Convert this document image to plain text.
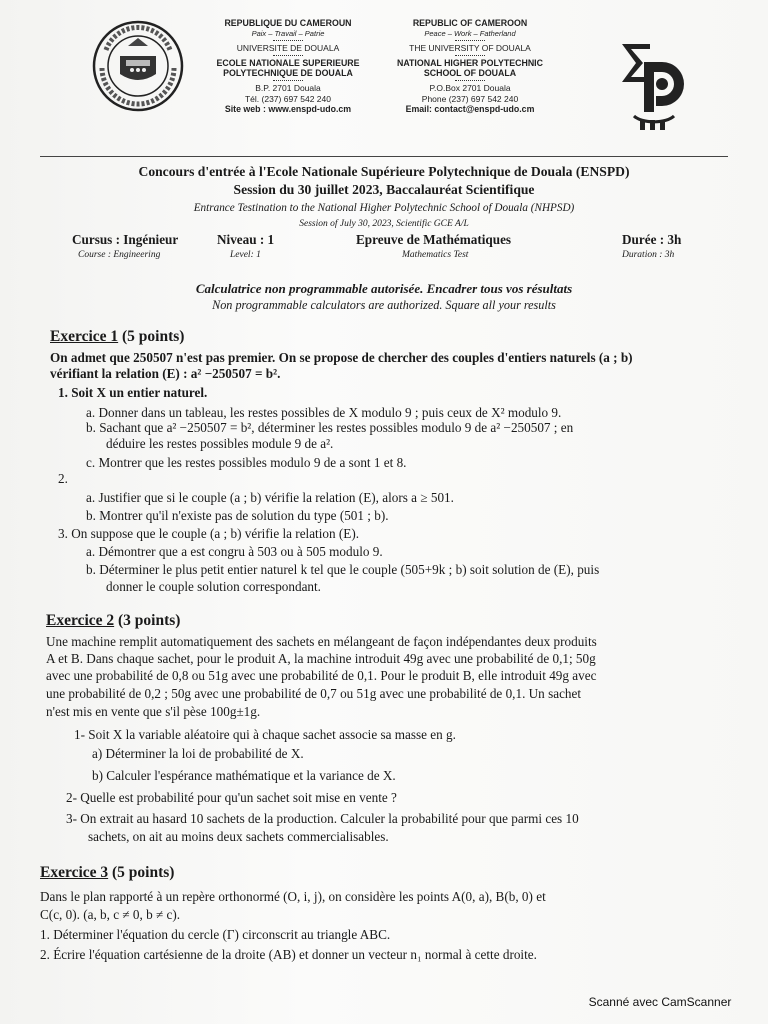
REPUBLIQUE DU CAMEROUN
Paix – Travail – Patrie
UNIVERSITE DE DOUALA
ECOLE NATIONALE SUPERIEURE
POLYTECHNIQUE DE DOUALA
B.P. 2701 Douala
Tél. (237) 697 542 240
Site web : www.enspd-udo.cm
REPUBLIC OF CAMEROON
Peace – Work – Fatherland
THE UNIVERSITY OF DOUALA
NATIONAL HIGHER POLYTECHNIC
SCHOOL OF DOUALA
P.O.Box 2701 Douala
Phone (237) 697 542 240
Email: contact@enspd-udo.cm
Concours d'entrée à l'Ecole Nationale Supérieure Polytechnique de Douala (ENSPD)
Session du 30 juillet 2023, Baccalauréat Scientifique
Entrance Testination to the National Higher Polytechnic School of Douala (NHPSD)
Session of July 30, 2023, Scientific GCE A/L
Cursus : Ingénieur
Course : Engineering
Niveau : 1
Level: 1
Epreuve de Mathématiques
Mathematics Test
Durée : 3h
Duration : 3h
Calculatrice non programmable autorisée. Encadrer tous vos résultats
Non programmable calculators are authorized. Square all your results
Exercice 1 (5 points)
On admet que 250507 n'est pas premier. On se propose de chercher des couples d'entiers naturels (a ; b)
vérifiant la relation (E) : a² −250507 = b².
1. Soit X un entier naturel.
a. Donner dans un tableau, les restes possibles de X modulo 9 ; puis ceux de X² modulo 9.
b. Sachant que a² −250507 = b², déterminer les restes possibles modulo 9 de a² −250507 ; en
déduire les restes possibles module 9 de a².
c. Montrer que les restes possibles modulo 9 de a sont 1 et 8.
2.
a. Justifier que si le couple (a ; b) vérifie la relation (E), alors a ≥ 501.
b. Montrer qu'il n'existe pas de solution du type (501 ; b).
3. On suppose que le couple (a ; b) vérifie la relation (E).
a. Démontrer que a est congru à 503 ou à 505 modulo 9.
b. Déterminer le plus petit entier naturel k tel que le couple (505+9k ; b) soit solution de (E), puis
donner le couple solution correspondant.
Exercice 2 (3 points)
Une machine remplit automatiquement des sachets en mélangeant de façon indépendantes deux produits
A et B. Dans chaque sachet, pour le produit A, la machine introduit 49g avec une probabilité de 0,1; 50g
avec une probabilité de 0,8 ou 51g avec une probabilité de 0,1. Pour le produit B, elle introduit 49g avec
une probabilité de 0,2 ; 50g avec une probabilité de 0,7 ou 51g avec une probabilité de 0,1. Un sachet
n'est mis en vente que s'il pèse 100g±1g.
1- Soit X la variable aléatoire qui à chaque sachet associe sa masse en g.
a) Déterminer la loi de probabilité de X.
b) Calculer l'espérance mathématique et la variance de X.
2- Quelle est probabilité pour qu'un sachet soit mise en vente ?
3- On extrait au hasard 10 sachets de la production. Calculer la probabilité pour que parmi ces 10
sachets, on ait au moins deux sachets commercialisables.
Exercice 3 (5 points)
Dans le plan rapporté à un repère orthonormé (O, i, j), on considère les points A(0, a), B(b, 0) et
C(c, 0). (a, b, c ≠ 0, b ≠ c).
1. Déterminer l'équation du cercle (Γ) circonscrit au triangle ABC.
2. Écrire l'équation cartésienne de la droite (AB) et donner un vecteur n₁ normal à cette droite.
Scanné avec CamScanner
